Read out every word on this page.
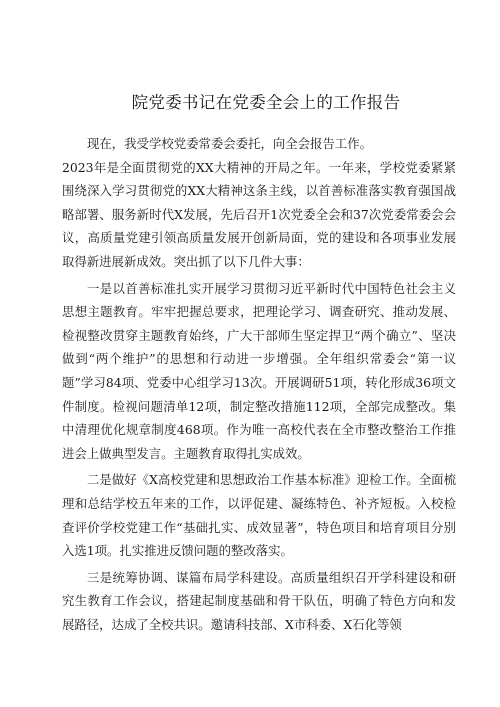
院党委书记在党委全会上的工作报告

现在，我受学校党委常委会委托，向全会报告工作。

2023年是全面贯彻党的XX大精神的开局之年。一年来，学校党委紧紧围绕深入学习贯彻党的XX大精神这条主线，以首善标准落实教育强国战略部署、服务新时代X发展，先后召开1次党委全会和37次党委常委会会议，高质量党建引领高质量发展开创新局面，党的建设和各项事业发展取得新进展新成效。突出抓了以下几件大事：

一是以首善标准扎实开展学习贯彻习近平新时代中国特色社会主义思想主题教育。牢牢把握总要求，把理论学习、调查研究、推动发展、检视整改贯穿主题教育始终，广大干部师生坚定捍卫“两个确立”、坚决做到“两个维护”的思想和行动进一步增强。全年组织常委会“第一议题”学习84项、党委中心组学习13次。开展调研51项，转化形成36项文件制度。检视问题清单12项，制定整改措施112项，全部完成整改。集中清理优化规章制度468项。作为唯一高校代表在全市整改整治工作推进会上做典型发言。主题教育取得扎实成效。

二是做好《X高校党建和思想政治工作基本标准》迎检工作。全面梳理和总结学校五年来的工作，以评促建、凝练特色、补齐短板。入校检查评价学校党建工作“基础扎实、成效显著”，特色项目和培育项目分别入选1项。扎实推进反馈问题的整改落实。

三是统筹协调、谋篇布局学科建设。高质量组织召开学科建设和研究生教育工作会议，搭建起制度基础和骨干队伍，明确了特色方向和发展路径，达成了全校共识。邀请科技部、X市科委、X石化等领
